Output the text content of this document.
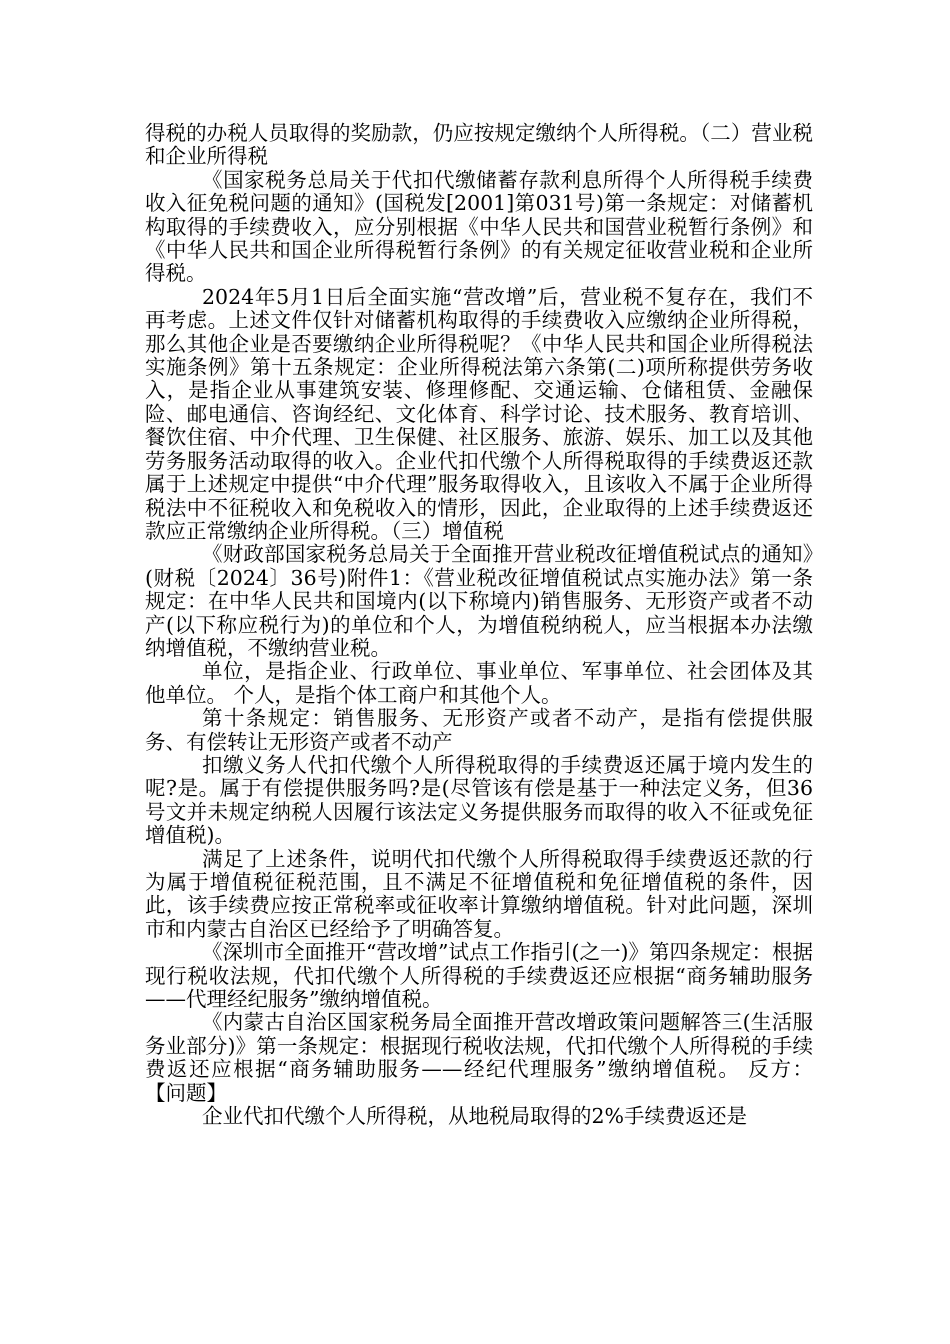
得税的办税人员取得的奖励款，仍应按规定缴纳个人所得税。（二）营业税和企业所得税

《国家税务总局关于代扣代缴储蓄存款利息所得个人所得税手续费收入征免税问题的通知》(国税发[2001]第031号)第一条规定：对储蓄机构取得的手续费收入，应分别根据《中华人民共和国营业税暂行条例》和《中华人民共和国企业所得税暂行条例》的有关规定征收营业税和企业所得税。

2024年5月1日后全面实施“营改增”后，营业税不复存在，我们不再考虑。上述文件仅针对储蓄机构取得的手续费收入应缴纳企业所得税，那么其他企业是否要缴纳企业所得税呢？《中华人民共和国企业所得税法实施条例》第十五条规定：企业所得税法第六条第(二)项所称提供劳务收入，是指企业从事建筑安装、修理修配、交通运输、仓储租赁、金融保险、邮电通信、咨询经纪、文化体育、科学讨论、技术服务、教育培训、餐饮住宿、中介代理、卫生保健、社区服务、旅游、娱乐、加工以及其他劳务服务活动取得的收入。企业代扣代缴个人所得税取得的手续费返还款属于上述规定中提供“中介代理”服务取得收入，且该收入不属于企业所得税法中不征税收入和免税收入的情形，因此，企业取得的上述手续费返还款应正常缴纳企业所得税。（三）增值税

《财政部国家税务总局关于全面推开营业税改征增值税试点的通知》(财税〔2024〕36号)附件1：《营业税改征增值税试点实施办法》第一条规定：在中华人民共和国境内(以下称境内)销售服务、无形资产或者不动产(以下称应税行为)的单位和个人，为增值税纳税人，应当根据本办法缴纳增值税，不缴纳营业税。

单位，是指企业、行政单位、事业单位、军事单位、社会团体及其他单位。 个人，是指个体工商户和其他个人。

第十条规定：销售服务、无形资产或者不动产，是指有偿提供服务、有偿转让无形资产或者不动产

扣缴义务人代扣代缴个人所得税取得的手续费返还属于境内发生的呢?是。属于有偿提供服务吗?是(尽管该有偿是基于一种法定义务，但36号文并未规定纳税人因履行该法定义务提供服务而取得的收入不征或免征增值税)。

满足了上述条件，说明代扣代缴个人所得税取得手续费返还款的行为属于增值税征税范围，且不满足不征增值税和免征增值税的条件，因此，该手续费应按正常税率或征收率计算缴纳增值税。针对此问题，深圳市和内蒙古自治区已经给予了明确答复。

《深圳市全面推开“营改增”试点工作指引(之一)》第四条规定：根据现行税收法规，代扣代缴个人所得税的手续费返还应根据“商务辅助服务——代理经纪服务”缴纳增值税。

《内蒙古自治区国家税务局全面推开营改增政策问题解答三(生活服务业部分)》第一条规定：根据现行税收法规，代扣代缴个人所得税的手续费返还应根据“商务辅助服务——经纪代理服务”缴纳增值税。 反方： 【问题】

企业代扣代缴个人所得税，从地税局取得的2%手续费返还是
